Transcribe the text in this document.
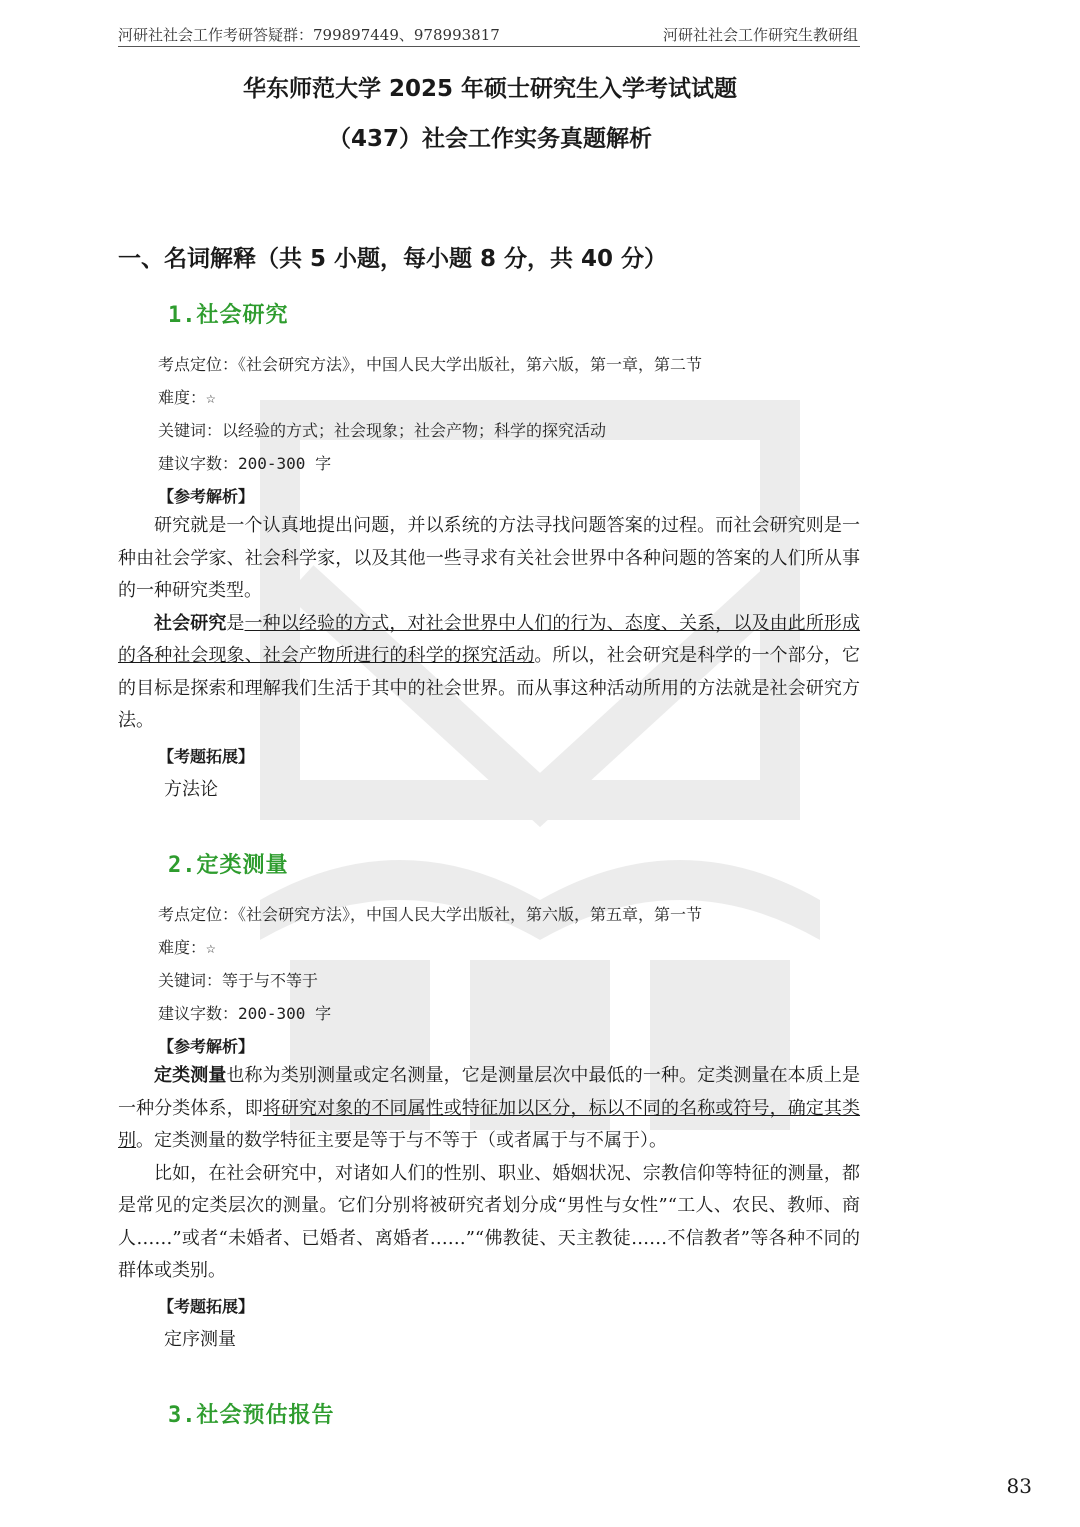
河研社社会工作考研答疑群：799897449、978993817	河研社社会工作研究生教研组
华东师范大学 2025 年硕士研究生入学考试试题
（437）社会工作实务真题解析
一、名词解释（共 5 小题，每小题 8 分，共 40 分）
1.社会研究
考点定位：《社会研究方法》，中国人民大学出版社，第六版，第一章，第二节
难度：☆
关键词：以经验的方式；社会现象；社会产物；科学的探究活动
建议字数：200-300 字
【参考解析】

研究就是一个认真地提出问题，并以系统的方法寻找问题答案的过程。而社会研究则是一种由社会学家、社会科学家，以及其他一些寻求有关社会世界中各种问题的答案的人们所从事的一种研究类型。

社会研究是一种以经验的方式，对社会世界中人们的行为、态度、关系，以及由此所形成的各种社会现象、社会产物所进行的科学的探究活动。所以，社会研究是科学的一个部分，它的目标是探索和理解我们生活于其中的社会世界。而从事这种活动所用的方法就是社会研究方法。

【考题拓展】
方法论
2.定类测量
考点定位：《社会研究方法》，中国人民大学出版社，第六版，第五章，第一节
难度：☆
关键词：等于与不等于
建议字数：200-300 字
【参考解析】

定类测量也称为类别测量或定名测量，它是测量层次中最低的一种。定类测量在本质上是一种分类体系，即将研究对象的不同属性或特征加以区分，标以不同的名称或符号，确定其类别。定类测量的数学特征主要是等于与不等于（或者属于与不属于）。

比如，在社会研究中，对诸如人们的性别、职业、婚姻状况、宗教信仰等特征的测量，都是常见的定类层次的测量。它们分别将被研究者划分成“男性与女性”“工人、农民、教师、商人……”或者“未婚者、已婚者、离婚者……”“佛教徒、天主教徒……不信教者”等各种不同的群体或类别。

【考题拓展】
定序测量
3.社会预估报告
83
